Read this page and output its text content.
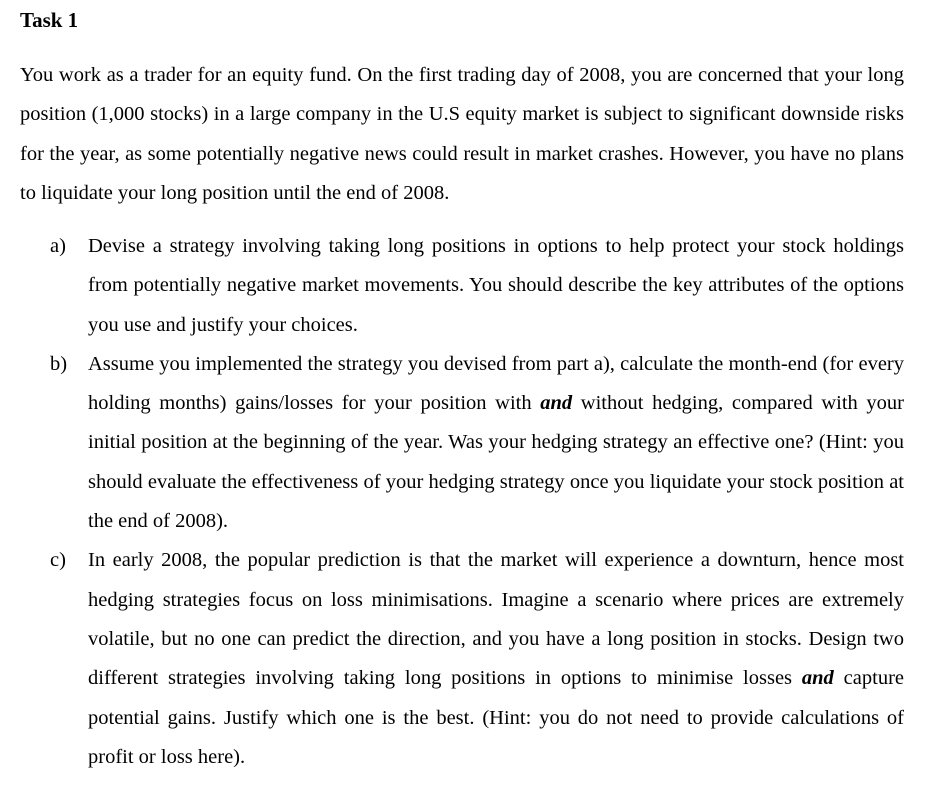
Task 1

You work as a trader for an equity fund. On the first trading day of 2008, you are concerned that your long position (1,000 stocks) in a large company in the U.S equity market is subject to significant downside risks for the year, as some potentially negative news could result in market crashes. However, you have no plans to liquidate your long position until the end of 2008.

a) Devise a strategy involving taking long positions in options to help protect your stock holdings from potentially negative market movements. You should describe the key attributes of the options you use and justify your choices.
b) Assume you implemented the strategy you devised from part a), calculate the month-end (for every holding months) gains/losses for your position with and without hedging, compared with your initial position at the beginning of the year. Was your hedging strategy an effective one? (Hint: you should evaluate the effectiveness of your hedging strategy once you liquidate your stock position at the end of 2008).
c) In early 2008, the popular prediction is that the market will experience a downturn, hence most hedging strategies focus on loss minimisations. Imagine a scenario where prices are extremely volatile, but no one can predict the direction, and you have a long position in stocks. Design two different strategies involving taking long positions in options to minimise losses and capture potential gains. Justify which one is the best. (Hint: you do not need to provide calculations of profit or loss here).
